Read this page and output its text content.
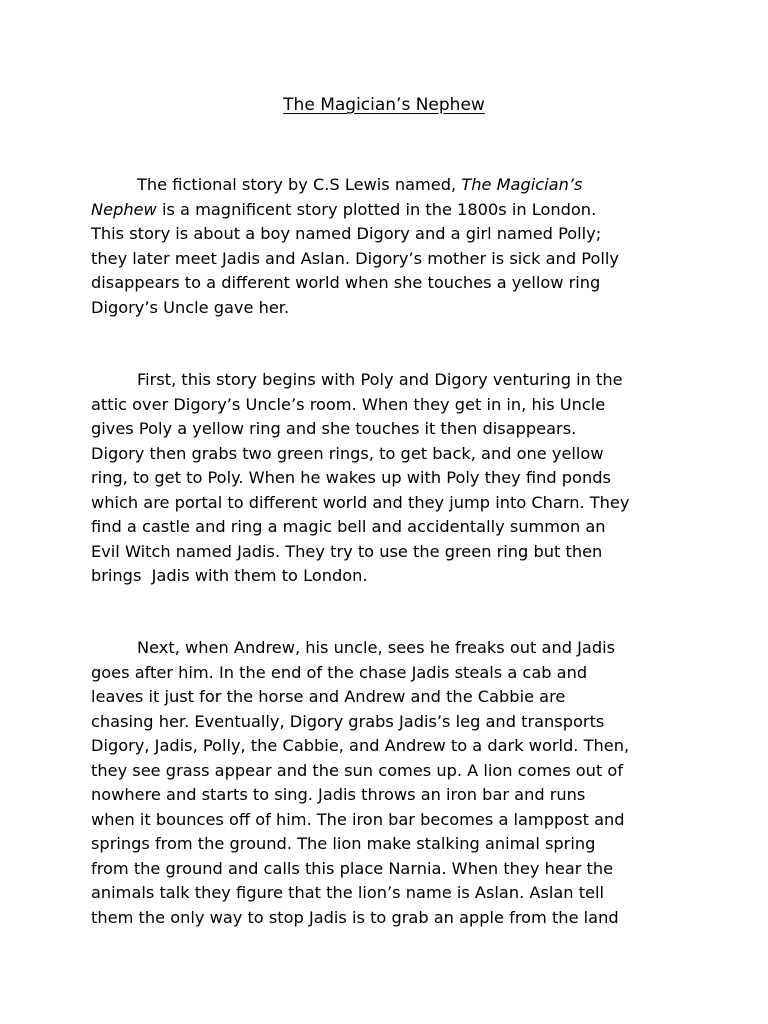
The Magician’s Nephew
The fictional story by C.S Lewis named, The Magician’s
Nephew is a magnificent story plotted in the 1800s in London.
This story is about a boy named Digory and a girl named Polly;
they later meet Jadis and Aslan. Digory’s mother is sick and Polly
disappears to a different world when she touches a yellow ring
Digory’s Uncle gave her.
First, this story begins with Poly and Digory venturing in the
attic over Digory’s Uncle’s room. When they get in in, his Uncle
gives Poly a yellow ring and she touches it then disappears.
Digory then grabs two green rings, to get back, and one yellow
ring, to get to Poly. When he wakes up with Poly they find ponds
which are portal to different world and they jump into Charn. They
find a castle and ring a magic bell and accidentally summon an
Evil Witch named Jadis. They try to use the green ring but then
brings  Jadis with them to London.
Next, when Andrew, his uncle, sees he freaks out and Jadis
goes after him. In the end of the chase Jadis steals a cab and
leaves it just for the horse and Andrew and the Cabbie are
chasing her. Eventually, Digory grabs Jadis’s leg and transports
Digory, Jadis, Polly, the Cabbie, and Andrew to a dark world. Then,
they see grass appear and the sun comes up. A lion comes out of
nowhere and starts to sing. Jadis throws an iron bar and runs
when it bounces off of him. The iron bar becomes a lamppost and
springs from the ground. The lion make stalking animal spring
from the ground and calls this place Narnia. When they hear the
animals talk they figure that the lion’s name is Aslan. Aslan tell
them the only way to stop Jadis is to grab an apple from the land
